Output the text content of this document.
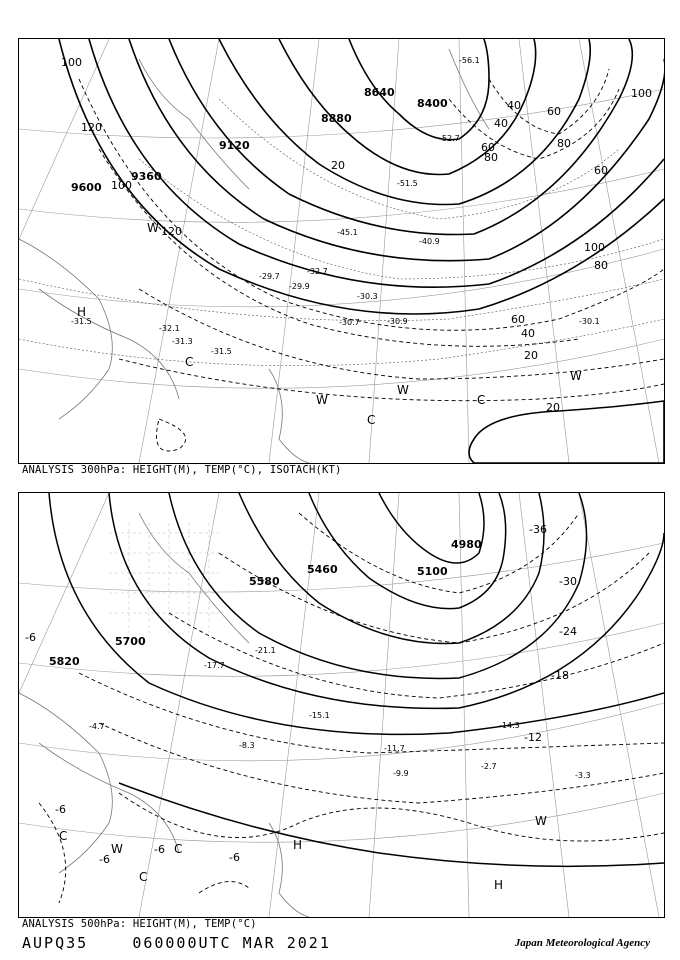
9600
9360
9120
8880
8640
8400
100
120
120
100
80
60
40
20
20
40 60
80
100
60
80
100
20
40
60
-29.7
-31.5
-32.1
-31.3
-31.5
-30.3
-30.7	-30.9	-30.1
-29.9
-32.7
-40.9
-45.1
-51.5
-52.7
-56.1
H
C
W
C
W	C
W
W
ANALYSIS 300hPa: HEIGHT(M), TEMP(°C), ISOTACH(KT)
5820
5700
5580
5460	5100
4980
-6
-12
-18
-24
-30
-36
-6
-6
-6
-6
-4.7
-8.3
-14.3
-11.7
-9.9	-3.3
-2.7
-17.7
-21.1
-15.1
H
H
C
W
C
W
C
ANALYSIS 500hPa: HEIGHT(M), TEMP(°C)
AUPQ35	060000UTC MAR 2021	Japan Meteorological Agency
